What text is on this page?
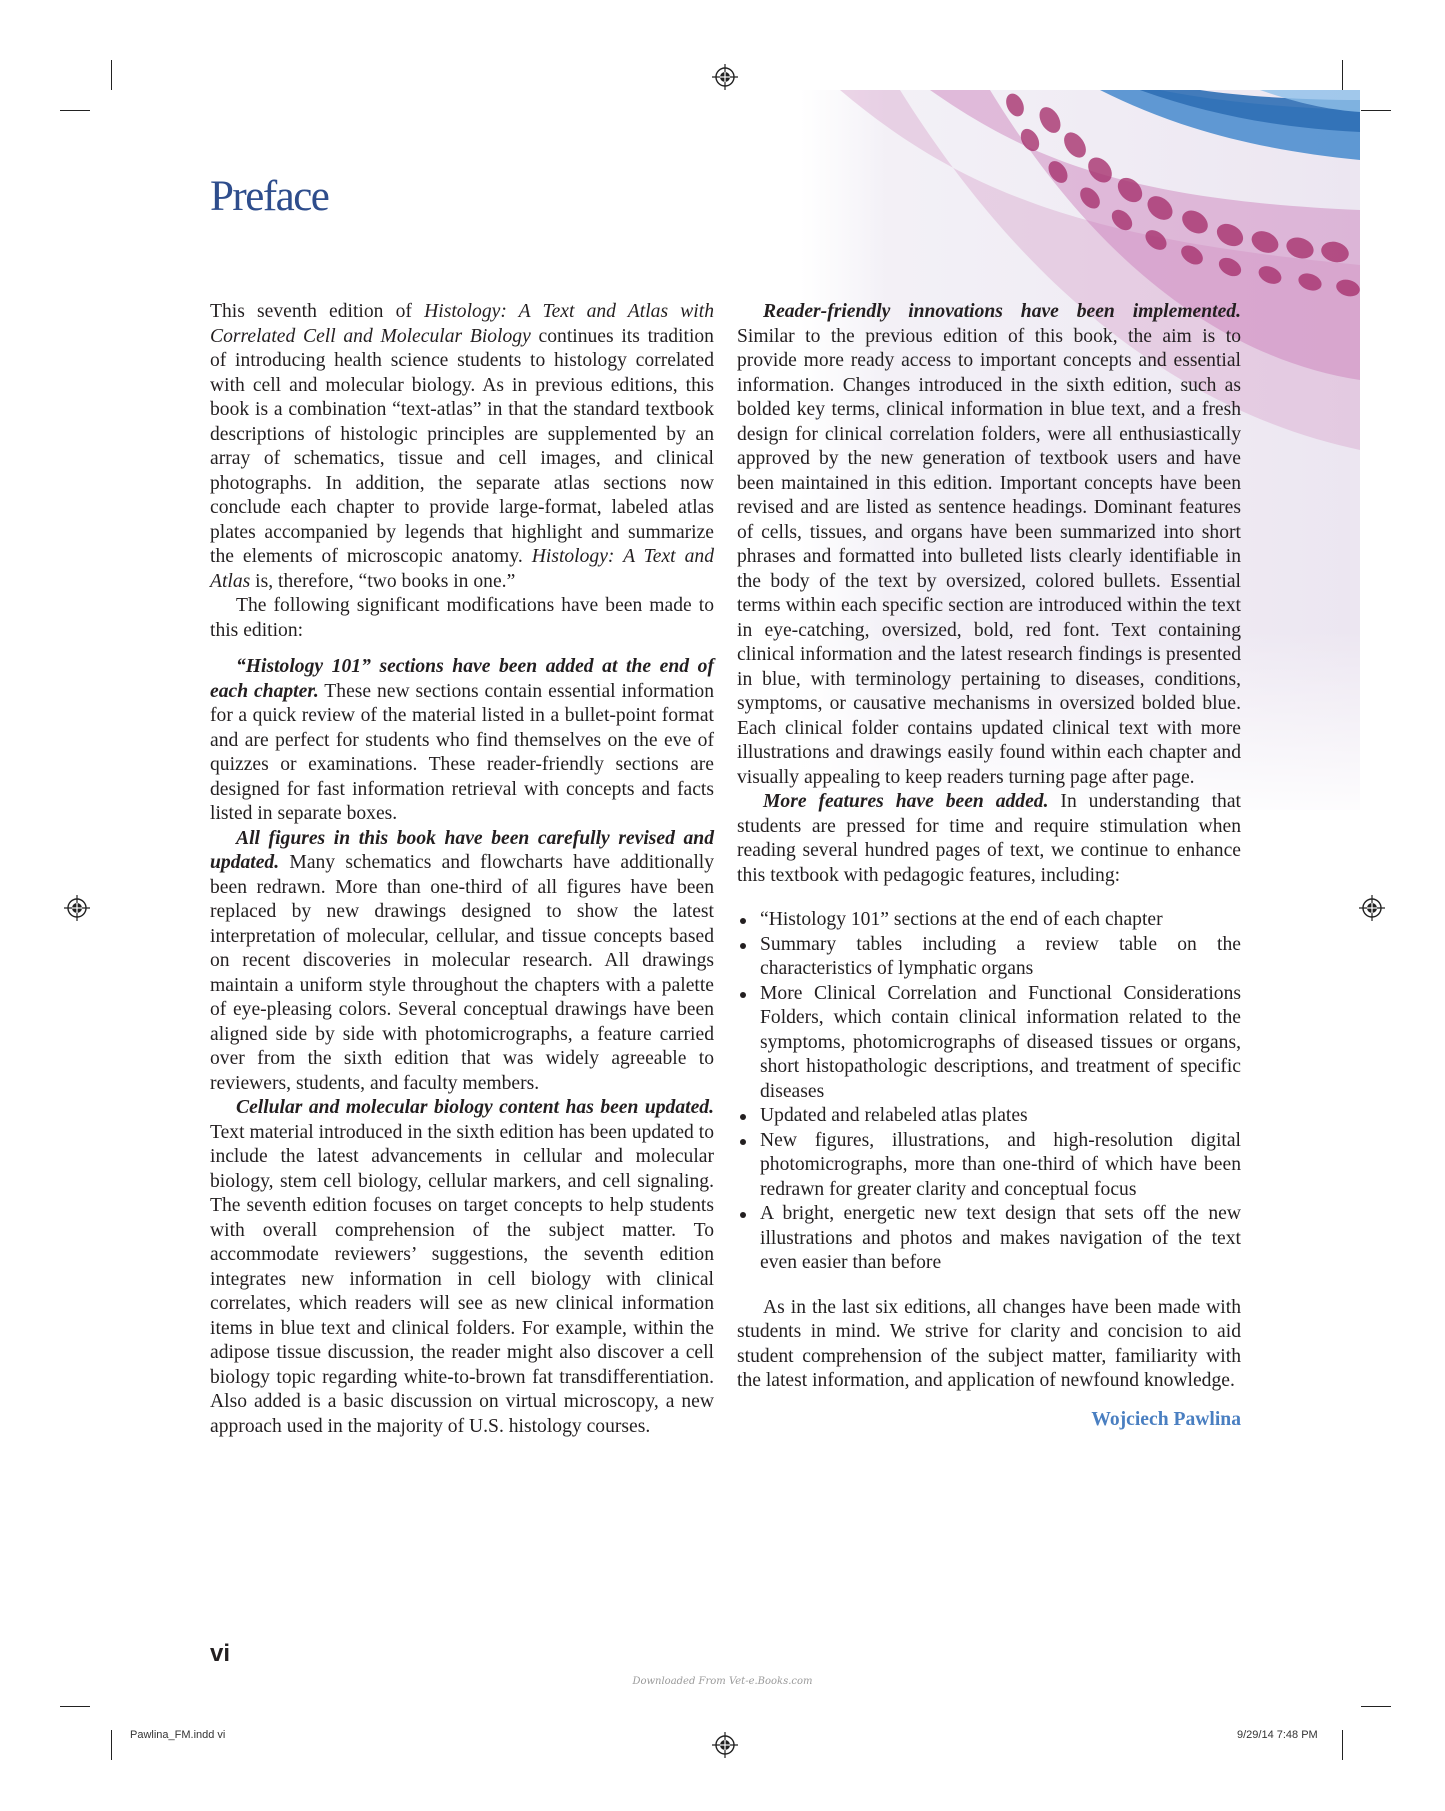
Preface

This seventh edition of Histology: A Text and Atlas with Correlated Cell and Molecular Biology continues its tradition of introducing health science students to histology correlated with cell and molecular biology. As in previous editions, this book is a combination “text-atlas” in that the standard textbook descriptions of histologic principles are supplemented by an array of schematics, tissue and cell images, and clinical photographs. In addition, the separate atlas sections now conclude each chapter to provide large-format, labeled atlas plates accompanied by legends that highlight and summarize the elements of microscopic anatomy. Histology: A Text and Atlas is, therefore, “two books in one.”

The following significant modifications have been made to this edition:

“Histology 101” sections have been added at the end of each chapter. These new sections contain essential information for a quick review of the material listed in a bullet-point format and are perfect for students who find themselves on the eve of quizzes or examinations. These reader-friendly sections are designed for fast information retrieval with concepts and facts listed in separate boxes.

All figures in this book have been carefully revised and updated. Many schematics and flowcharts have additionally been redrawn. More than one-third of all figures have been replaced by new drawings designed to show the latest interpretation of molecular, cellular, and tissue concepts based on recent discoveries in molecular research. All drawings maintain a uniform style throughout the chapters with a palette of eye-pleasing colors. Several conceptual drawings have been aligned side by side with photomicrographs, a feature carried over from the sixth edition that was widely agreeable to reviewers, students, and faculty members.

Cellular and molecular biology content has been updated. Text material introduced in the sixth edition has been updated to include the latest advancements in cellular and molecular biology, stem cell biology, cellular markers, and cell signaling. The seventh edition focuses on target concepts to help students with overall comprehension of the subject matter. To accommodate reviewers’ suggestions, the seventh edition integrates new information in cell biology with clinical correlates, which readers will see as new clinical information items in blue text and clinical folders. For example, within the adipose tissue discussion, the reader might also discover a cell biology topic regarding white-to-brown fat transdifferentiation. Also added is a basic discussion on virtual microscopy, a new approach used in the majority of U.S. histology courses.

Reader-friendly innovations have been implemented. Similar to the previous edition of this book, the aim is to provide more ready access to important concepts and essential information. Changes introduced in the sixth edition, such as bolded key terms, clinical information in blue text, and a fresh design for clinical correlation folders, were all enthusiastically approved by the new generation of textbook users and have been maintained in this edition. Important concepts have been revised and are listed as sentence headings. Dominant features of cells, tissues, and organs have been summarized into short phrases and formatted into bulleted lists clearly identifiable in the body of the text by oversized, colored bullets. Essential terms within each specific section are introduced within the text in eye-catching, oversized, bold, red font. Text containing clinical information and the latest research findings is presented in blue, with terminology pertaining to diseases, conditions, symptoms, or causative mechanisms in oversized bolded blue. Each clinical folder contains updated clinical text with more illustrations and drawings easily found within each chapter and visually appealing to keep readers turning page after page.

More features have been added. In understanding that students are pressed for time and require stimulation when reading several hundred pages of text, we continue to enhance this textbook with pedagogic features, including:

“Histology 101” sections at the end of each chapter
Summary tables including a review table on the characteristics of lymphatic organs
More Clinical Correlation and Functional Considerations Folders, which contain clinical information related to the symptoms, photomicrographs of diseased tissues or organs, short histopathologic descriptions, and treatment of specific diseases
Updated and relabeled atlas plates
New figures, illustrations, and high-resolution digital photomicrographs, more than one-third of which have been redrawn for greater clarity and conceptual focus
A bright, energetic new text design that sets off the new illustrations and photos and makes navigation of the text even easier than before

As in the last six editions, all changes have been made with students in mind. We strive for clarity and concision to aid student comprehension of the subject matter, familiarity with the latest information, and application of newfound knowledge.

Wojciech Pawlina

vi
Downloaded From Vet-e.Books.com
Pawlina_FM.indd vi	9/29/14 7:48 PM
